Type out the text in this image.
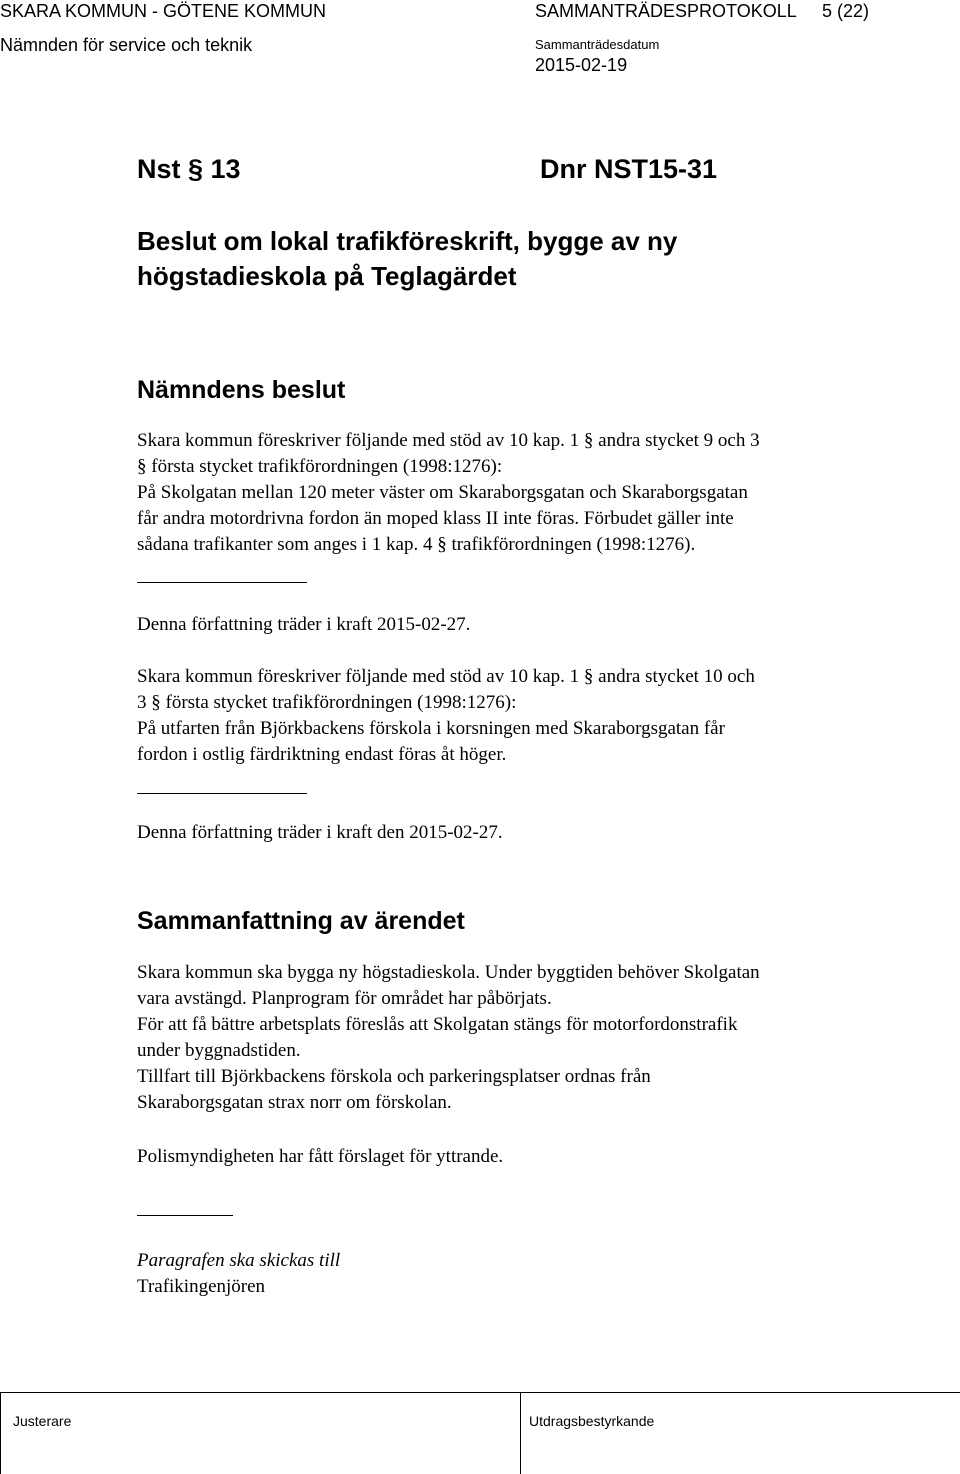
SKARA KOMMUN - GÖTENE KOMMUN	SAMMANTRÄDESPROTOKOLL 5 (22)
Nämnden för service och teknik	Sammanträdesdatum
2015-02-19
Nst § 13	Dnr NST15-31
Beslut om lokal trafikföreskrift, bygge av ny
högstadieskola på Teglagärdet
Nämndens beslut
Skara kommun föreskriver följande med stöd av 10 kap. 1 § andra stycket 9 och 3
§ första stycket trafikförordningen (1998:1276):
På Skolgatan mellan 120 meter väster om Skaraborgsgatan och Skaraborgsgatan
får andra motordrivna fordon än moped klass II inte föras. Förbudet gäller inte
sådana trafikanter som anges i 1 kap. 4 § trafikförordningen (1998:1276).
Denna författning träder i kraft 2015-02-27.
Skara kommun föreskriver följande med stöd av 10 kap. 1 § andra stycket 10 och
3 § första stycket trafikförordningen (1998:1276):
På utfarten från Björkbackens förskola i korsningen med Skaraborgsgatan får
fordon i ostlig färdriktning endast föras åt höger.
Denna författning träder i kraft den 2015-02-27.
Sammanfattning av ärendet
Skara kommun ska bygga ny högstadieskola. Under byggtiden behöver Skolgatan
vara avstängd. Planprogram för området har påbörjats.
För att få bättre arbetsplats föreslås att Skolgatan stängs för motorfordonstrafik
under byggnadstiden.
Tillfart till Björkbackens förskola och parkeringsplatser ordnas från
Skaraborgsgatan strax norr om förskolan.
Polismyndigheten har fått förslaget för yttrande.
Paragrafen ska skickas till
Trafikingenjören
Justerare	Utdragsbestyrkande
